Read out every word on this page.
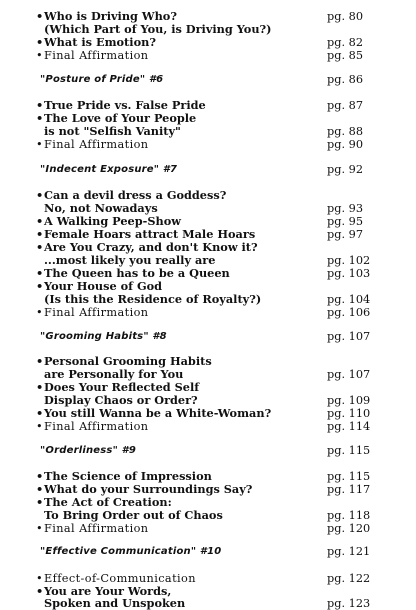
• Who is Driving Who?	pg. 80
(Which Part of You, is Driving You?)
• What is Emotion?	pg. 82
• Final Affirmation	pg. 85
"Posture of Pride" #6	pg. 86
• True Pride vs. False Pride	pg. 87
• The Love of Your People
is not "Selfish Vanity"	pg. 88
• Final Affirmation	pg. 90
"Indecent Exposure" #7	pg. 92
• Can a devil dress a Goddess?
No, not Nowadays	pg. 93
• A Walking Peep-Show	pg. 95
• Female Hoars attract Male Hoars	pg. 97
• Are You Crazy, and don't Know it?
...most likely you really are	pg. 102
• The Queen has to be a Queen	pg. 103
• Your House of God
(Is this the Residence of Royalty?)	pg. 104
• Final Affirmation	pg. 106
"Grooming Habits" #8	pg. 107
• Personal Grooming Habits
are Personally for You	pg. 107
• Does Your Reflected Self
Display Chaos or Order?	pg. 109
• You still Wanna be a White-Woman?	pg. 110
• Final Affirmation	pg. 114
"Orderliness" #9	pg. 115
• The Science of Impression	pg. 115
• What do your Surroundings Say?	pg. 117
• The Act of Creation:
To Bring Order out of Chaos	pg. 118
• Final Affirmation	pg. 120
"Effective Communication" #10	pg. 121
• Effect-of-Communication	pg. 122
• You are Your Words,
Spoken and Unspoken	pg. 123
